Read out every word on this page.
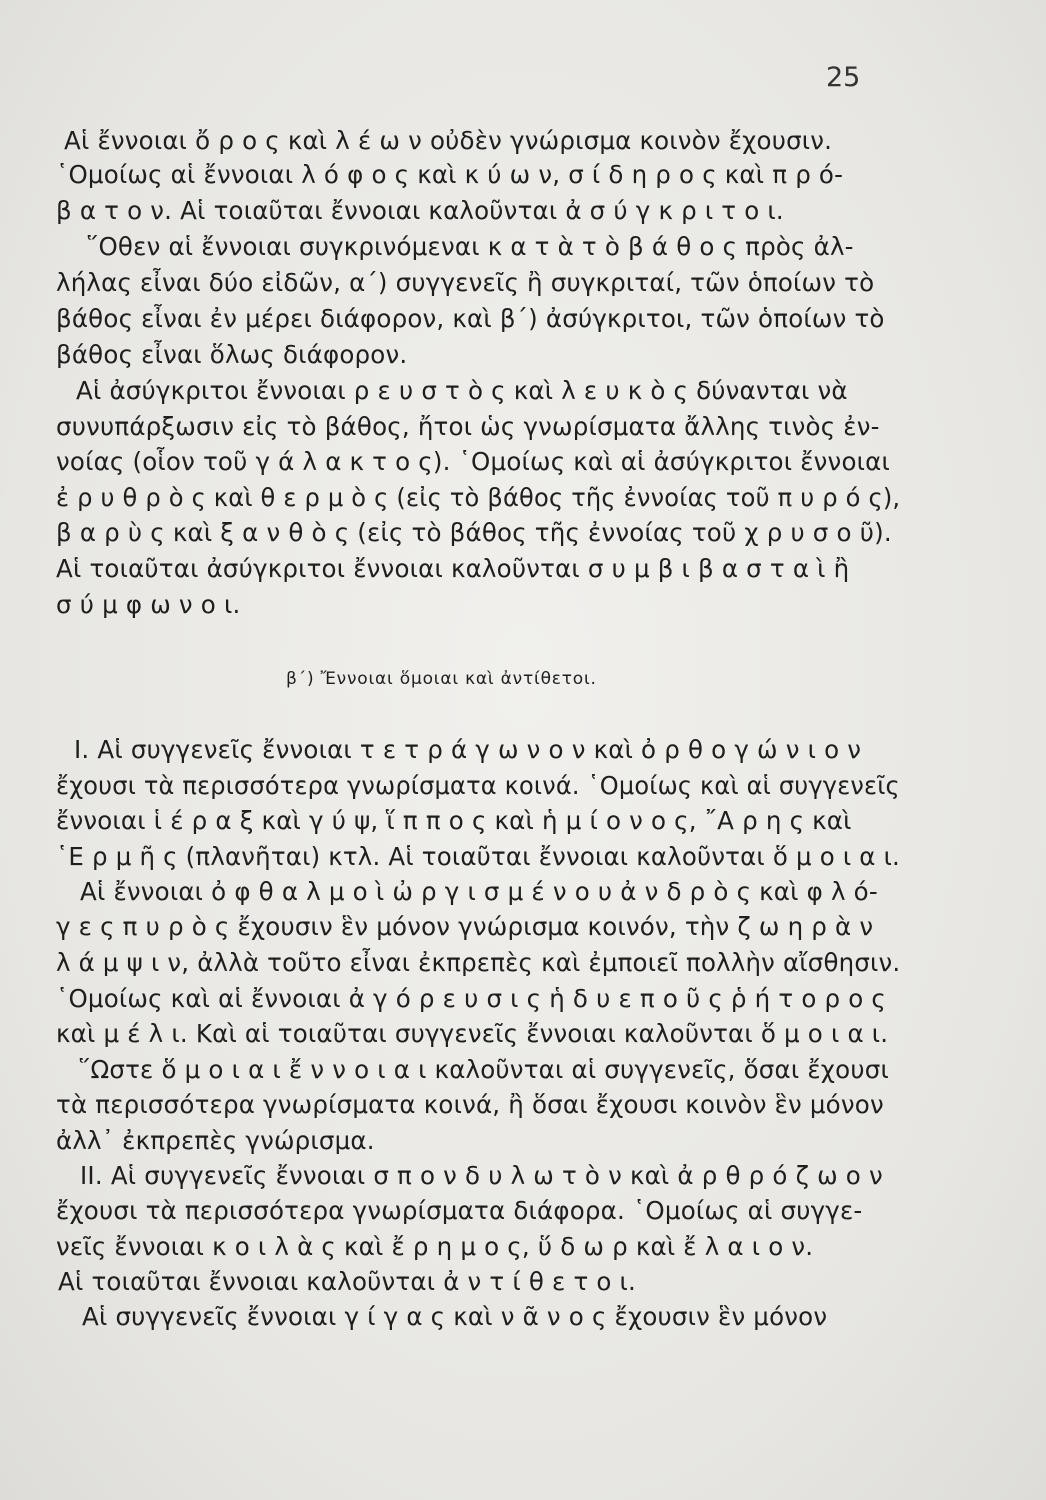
25
Αἱ ἔννοιαι ὄ ρ ο ς καὶ λ έ ω ν οὐδὲν γνώρισμα κοινὸν ἔχουσιν.
῾Ομοίως αἱ ἔννοιαι λ ό φ ο ς καὶ κ ύ ω ν, σ ί δ η ρ ο ς καὶ π ρ ό-
β α τ ο ν. Αἱ τοιαῦται ἔννοιαι καλοῦνται ἀ σ ύ γ κ ρ ι τ ο ι.
῞Οθεν αἱ ἔννοιαι συγκρινόμεναι κ α τ ὰ τ ὸ β ά θ ο ς πρὸς ἀλ-
λήλας εἶναι δύο εἰδῶν, α΄) συγγενεῖς ἢ συγκριταί, τῶν ὁποίων τὸ
βάθος εἶναι ἐν μέρει διάφορον, καὶ β΄) ἀσύγκριτοι, τῶν ὁποίων τὸ
βάθος εἶναι ὅλως διάφορον.
Αἱ ἀσύγκριτοι ἔννοιαι ρ ε υ σ τ ὸ ς καὶ λ ε υ κ ὸ ς δύνανται νὰ
συνυπάρξωσιν εἰς τὸ βάθος, ἤτοι ὡς γνωρίσματα ἄλλης τινὸς ἐν-
νοίας (οἷον τοῦ γ ά λ α κ τ ο ς). ῾Ομοίως καὶ αἱ ἀσύγκριτοι ἔννοιαι
ἐ ρ υ θ ρ ὸ ς καὶ θ ε ρ μ ὸ ς (εἰς τὸ βάθος τῆς ἐννοίας τοῦ π υ ρ ό ς),
β α ρ ὺ ς καὶ ξ α ν θ ὸ ς (εἰς τὸ βάθος τῆς ἐννοίας τοῦ χ ρ υ σ ο ῦ).
Αἱ τοιαῦται ἀσύγκριτοι ἔννοιαι καλοῦνται σ υ μ β ι β α σ τ α ὶ ἢ
σ ύ μ φ ω ν ο ι.
β΄) Ἔννοιαι ὅμοιαι καὶ ἀντίθετοι.
I. Αἱ συγγενεῖς ἔννοιαι τ ε τ ρ ά γ ω ν ο ν καὶ ὀ ρ θ ο γ ώ ν ι ο ν
ἔχουσι τὰ περισσότερα γνωρίσματα κοινά. ῾Ομοίως καὶ αἱ συγγενεῖς
ἔννοιαι ἱ έ ρ α ξ καὶ γ ύ ψ, ἵ π π ο ς καὶ ἡ μ ί ο ν ο ς, ῎Α ρ η ς καὶ
῾Ε ρ μ ῆ ς (πλανῆται) κτλ. Αἱ τοιαῦται ἔννοιαι καλοῦνται ὅ μ ο ι α ι.
Αἱ ἔννοιαι ὀ φ θ α λ μ ο ὶ ὠ ρ γ ι σ μ έ ν ο υ ἀ ν δ ρ ὸ ς καὶ φ λ ό-
γ ε ς π υ ρ ὸ ς ἔχουσιν ἓν μόνον γνώρισμα κοινόν, τὴν ζ ω η ρ ὰ ν
λ ά μ ψ ι ν, ἀλλὰ τοῦτο εἶναι ἐκπρεπὲς καὶ ἐμποιεῖ πολλὴν αἴσθησιν.
῾Ομοίως καὶ αἱ ἔννοιαι ἀ γ ό ρ ε υ σ ι ς ἡ δ υ ε π ο ῦ ς ῥ ή τ ο ρ ο ς
καὶ μ έ λ ι. Καὶ αἱ τοιαῦται συγγενεῖς ἔννοιαι καλοῦνται ὅ μ ο ι α ι.
῞Ωστε ὅ μ ο ι α ι ἔ ν ν ο ι α ι καλοῦνται αἱ συγγενεῖς, ὅσαι ἔχουσι
τὰ περισσότερα γνωρίσματα κοινά, ἢ ὅσαι ἔχουσι κοινὸν ἓν μόνον
ἀλλ᾽ ἐκπρεπὲς γνώρισμα.
II. Αἱ συγγενεῖς ἔννοιαι σ π ο ν δ υ λ ω τ ὸ ν καὶ ἀ ρ θ ρ ό ζ ω ο ν
ἔχουσι τὰ περισσότερα γνωρίσματα διάφορα. ῾Ομοίως αἱ συγγε-
νεῖς ἔννοιαι κ ο ι λ ὰ ς καὶ ἔ ρ η μ ο ς, ὕ δ ω ρ καὶ ἔ λ α ι ο ν.
Αἱ τοιαῦται ἔννοιαι καλοῦνται ἀ ν τ ί θ ε τ ο ι.
Αἱ συγγενεῖς ἔννοιαι γ ί γ α ς καὶ ν ᾶ ν ο ς ἔχουσιν ἓν μόνον
